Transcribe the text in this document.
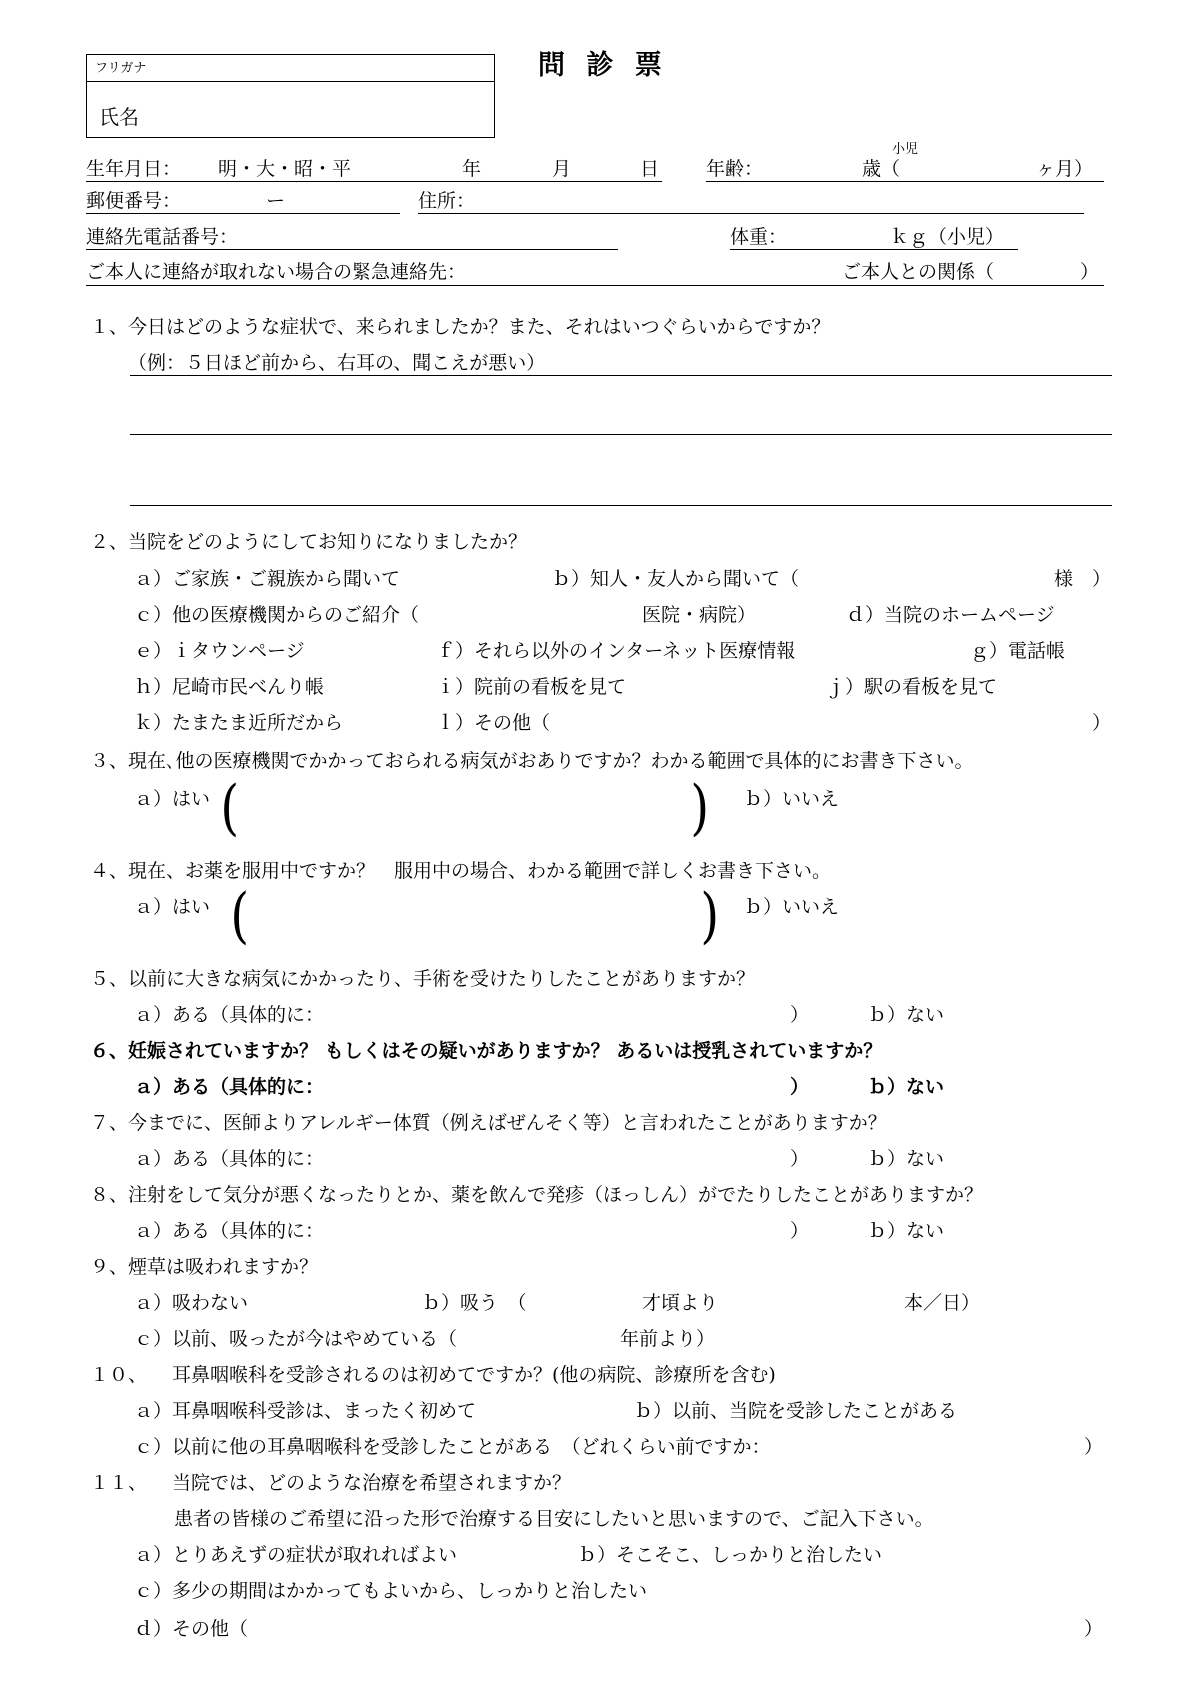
フリガナ
氏名
問 診 票
生年月日： 明・大・昭・平	年	月	日 年齢：
小児
歳（	ヶ月）
郵便番号：	ー	住所：
連絡先電話番号：	体重：	ｋｇ（小児）
ご本人に連絡が取れない場合の緊急連絡先：	ご本人との関係（	）
１、今日はどのような症状で、来られましたか？また、それはいつぐらいからですか？
（例：５日ほど前から、右耳の、聞こえが悪い）
２、当院をどのようにしてお知りになりましたか？
ａ）ご家族・ご親族から聞いて	ｂ）知人・友人から聞いて（	様　）
ｃ）他の医療機関からのご紹介（	医院・病院）	ｄ）当院のホームページ
ｅ）ｉタウンページ	ｆ）それら以外のインターネット医療情報	ｇ）電話帳
ｈ）尼崎市民べんり帳	ｉ）院前の看板を見て	ｊ）駅の看板を見て
ｋ）たまたま近所だから	ｌ）その他（	）
３、現在､他の医療機関でかかっておられる病気がおありですか？わかる範囲で具体的にお書き下さい。
ａ）はい (	) ｂ）いいえ
４、現在、お薬を服用中ですか？　服用中の場合、わかる範囲で詳しくお書き下さい。
ａ）はい (	) ｂ）いいえ
５、以前に大きな病気にかかったり、手術を受けたりしたことがありますか？
ａ）ある（具体的に：	）	ｂ）ない
６、妊娠されていますか？ もしくはその疑いがありますか？ あるいは授乳されていますか？
ａ）ある（具体的に：	）	ｂ）ない
７、今までに、医師よりアレルギー体質（例えばぜんそく等）と言われたことがありますか？
ａ）ある（具体的に：	）	ｂ）ない
８、注射をして気分が悪くなったりとか、薬を飲んで発疹（ほっしん）がでたりしたことがありますか？
ａ）ある（具体的に：	）	ｂ）ない
９、煙草は吸われますか？
ａ）吸わない	ｂ）吸う　（	才頃より	本／日）
ｃ）以前、吸ったが今はやめている（	年前より）
１０、 耳鼻咽喉科を受診されるのは初めてですか？(他の病院、診療所を含む)
ａ）耳鼻咽喉科受診は、まったく初めて	ｂ）以前、当院を受診したことがある
ｃ）以前に他の耳鼻咽喉科を受診したことがある　（どれくらい前ですか：	）
１１、 当院では、どのような治療を希望されますか？
患者の皆様のご希望に沿った形で治療する目安にしたいと思いますので、ご記入下さい。
ａ）とりあえずの症状が取れればよい	ｂ）そこそこ、しっかりと治したい
ｃ）多少の期間はかかってもよいから、しっかりと治したい
ｄ）その他（	）
